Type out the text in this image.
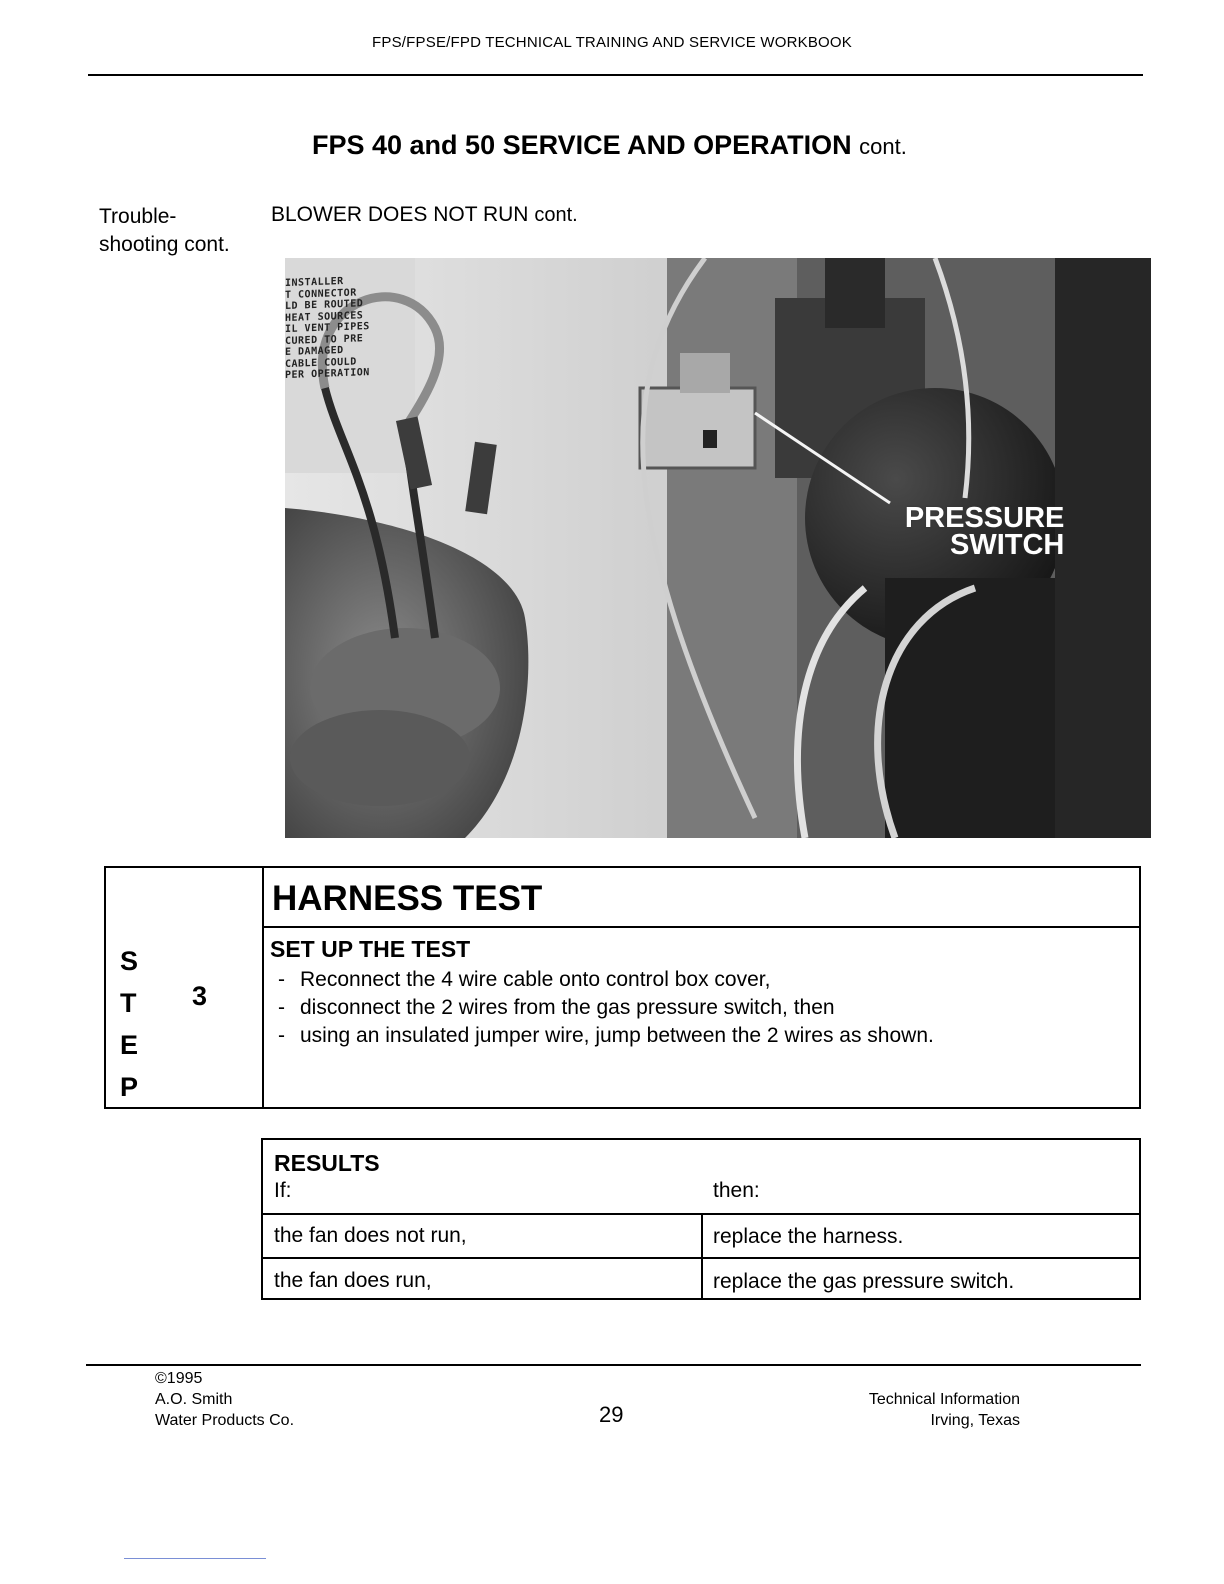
FPS/FPSE/FPD TECHNICAL TRAINING AND SERVICE WORKBOOK
FPS 40 and 50 SERVICE AND OPERATION cont.
Trouble-
shooting cont.
BLOWER DOES NOT RUN cont.
INSTALLER
T CONNECTOR
LD BE ROUTED
HEAT SOURCES
IL VENT PIPES
CURED TO PRE
E DAMAGED
CABLE COULD
PER OPERATION
PRESSURE
SWITCH
S
T
E
P
3
HARNESS TEST
SET UP THE TEST
- Reconnect the 4 wire cable onto control box cover,
- disconnect the 2 wires from the gas pressure switch, then
- using an insulated jumper wire, jump between the 2 wires as shown.
RESULTS
If:	then:
the fan does not run,	replace the harness.
the fan does run,	replace the gas pressure switch.
©1995
A.O. Smith
Water Products Co.	29
Technical Information
Irving, Texas
